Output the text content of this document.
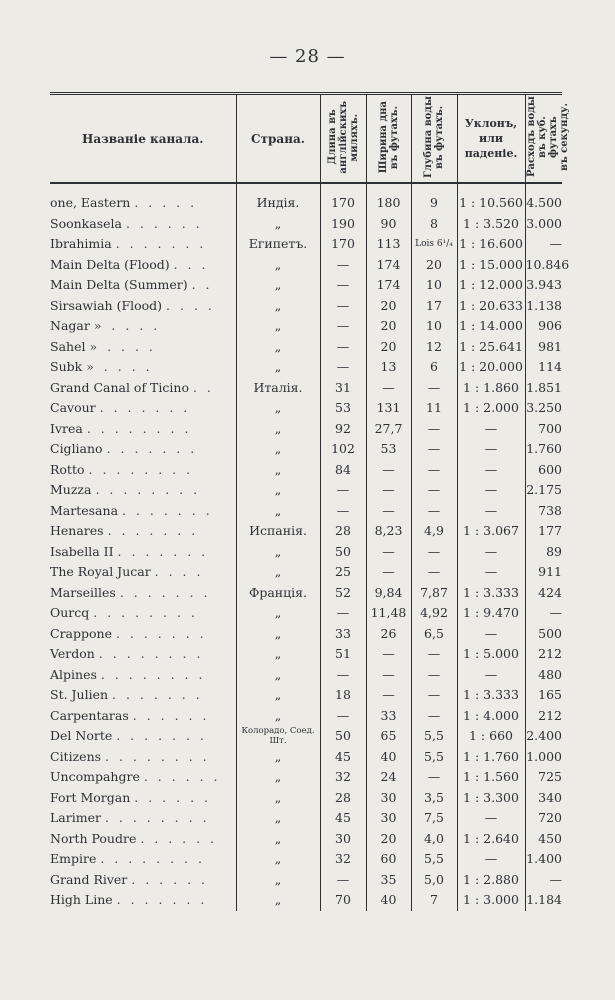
— 28 —
Названіе канала.	Страна.	Длина въ
англійскихъ
миляхъ.	Ширина дна
въ футахъ.	Глубина воды
въ футахъ.	Уклонъ,
или
паденіе.	Расходъ воды
въ куб. футахъ
въ секунду.
one, Eastern . . . . .	Индія.	170	180	9	1 : 10.560	4.500
Soonkasela . . . . . .	„	190	90	8	1 : 3.520	3.000
Ibrahimia . . . . . . .	Египетъ.	170	113	Lois 6¹/₄	1 : 16.600	—
Main Delta (Flood) . . .	„	—	174	20	1 : 15.000	10.846
Main Delta (Summer) . .	„	—	174	10	1 : 12.000	3.943
Sirsawiah (Flood) . . . .	„	—	20	17	1 : 20.633	1.138
Nagar » . . . .	„	—	20	10	1 : 14.000	906
Sahel » . . . .	„	—	20	12	1 : 25.641	981
Subk » . . . .	„	—	13	6	1 : 20.000	114
Grand Canal of Ticino . .	Италія.	31	—	—	1 : 1.860	1.851
Cavour . . . . . . .	„	53	131	11	1 : 2.000	3.250
Ivrea . . . . . . . .	„	92	27,7	—	—	700
Cigliano . . . . . . .	„	102	53	—	—	1.760
Rotto . . . . . . . .	„	84	—	—	—	600
Muzza . . . . . . . .	„	—	—	—	—	2.175
Martesana . . . . . . .	„	—	—	—	—	738
Henares . . . . . . .	Испанія.	28	8,23	4,9	1 : 3.067	177
Isabella II . . . . . . .	„	50	—	—	—	89
The Royal Jucar . . . .	„	25	—	—	—	911
Marseilles . . . . . . .	Франція.	52	9,84	7,87	1 : 3.333	424
Ourcq . . . . . . . .	„	—	11,48	4,92	1 : 9.470	—
Crappone . . . . . . .	„	33	26	6,5	—	500
Verdon . . . . . . . .	„	51	—	—	1 : 5.000	212
Alpines . . . . . . . .	„	—	—	—	—	480
St. Julien . . . . . . .	„	18	—	—	1 : 3.333	165
Carpentaras . . . . . .	„	—	33	—	1 : 4.000	212
Del Norte . . . . . . .	Колорадо, Соед. Шт.	50	65	5,5	1 : 660	2.400
Citizens . . . . . . . .	„	45	40	5,5	1 : 1.760	1.000
Uncompahgre . . . . . .	„	32	24	—	1 : 1.560	725
Fort Morgan . . . . . .	„	28	30	3,5	1 : 3.300	340
Larimer . . . . . . . .	„	45	30	7,5	—	720
North Poudre . . . . . .	„	30	20	4,0	1 : 2.640	450
Empire . . . . . . . .	„	32	60	5,5	—	1.400
Grand River . . . . . .	„	—	35	5,0	1 : 2.880	—
High Line . . . . . . .	„	70	40	7	1 : 3.000	1.184
